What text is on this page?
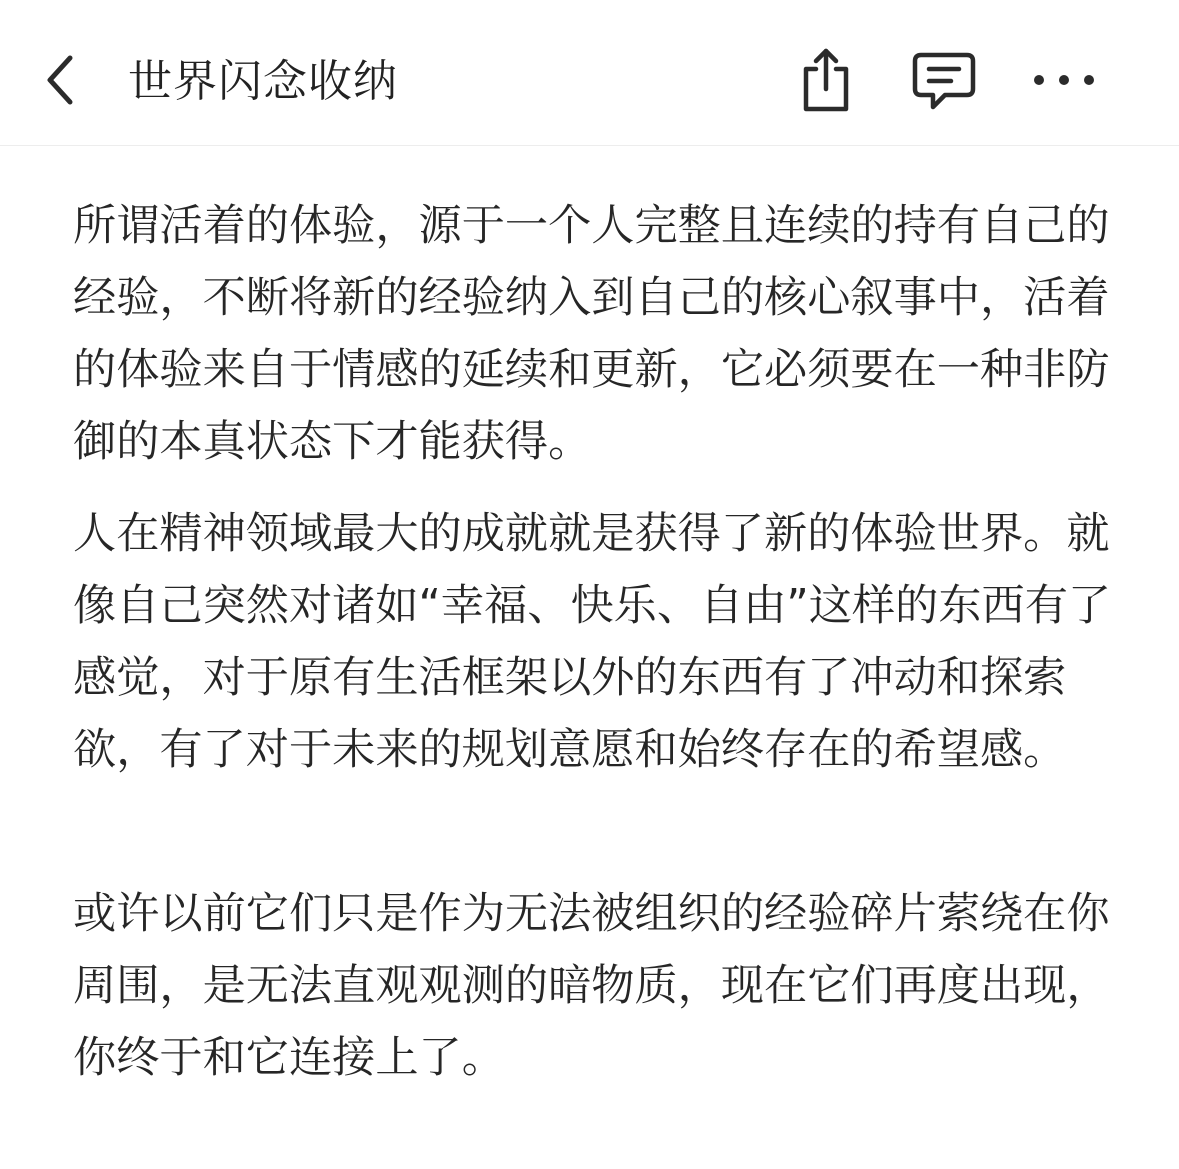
世界闪念收纳

所谓活着的体验，源于一个人完整且连续的持有自己的经验，不断将新的经验纳入到自己的核心叙事中，活着的体验来自于情感的延续和更新，它必须要在一种非防御的本真状态下才能获得。

人在精神领域最大的成就就是获得了新的体验世界。就像自己突然对诸如“幸福、快乐、自由”这样的东西有了感觉，对于原有生活框架以外的东西有了冲动和探索欲，有了对于未来的规划意愿和始终存在的希望感。

或许以前它们只是作为无法被组织的经验碎片萦绕在你周围，是无法直观观测的暗物质，现在它们再度出现，你终于和它连接上了。
